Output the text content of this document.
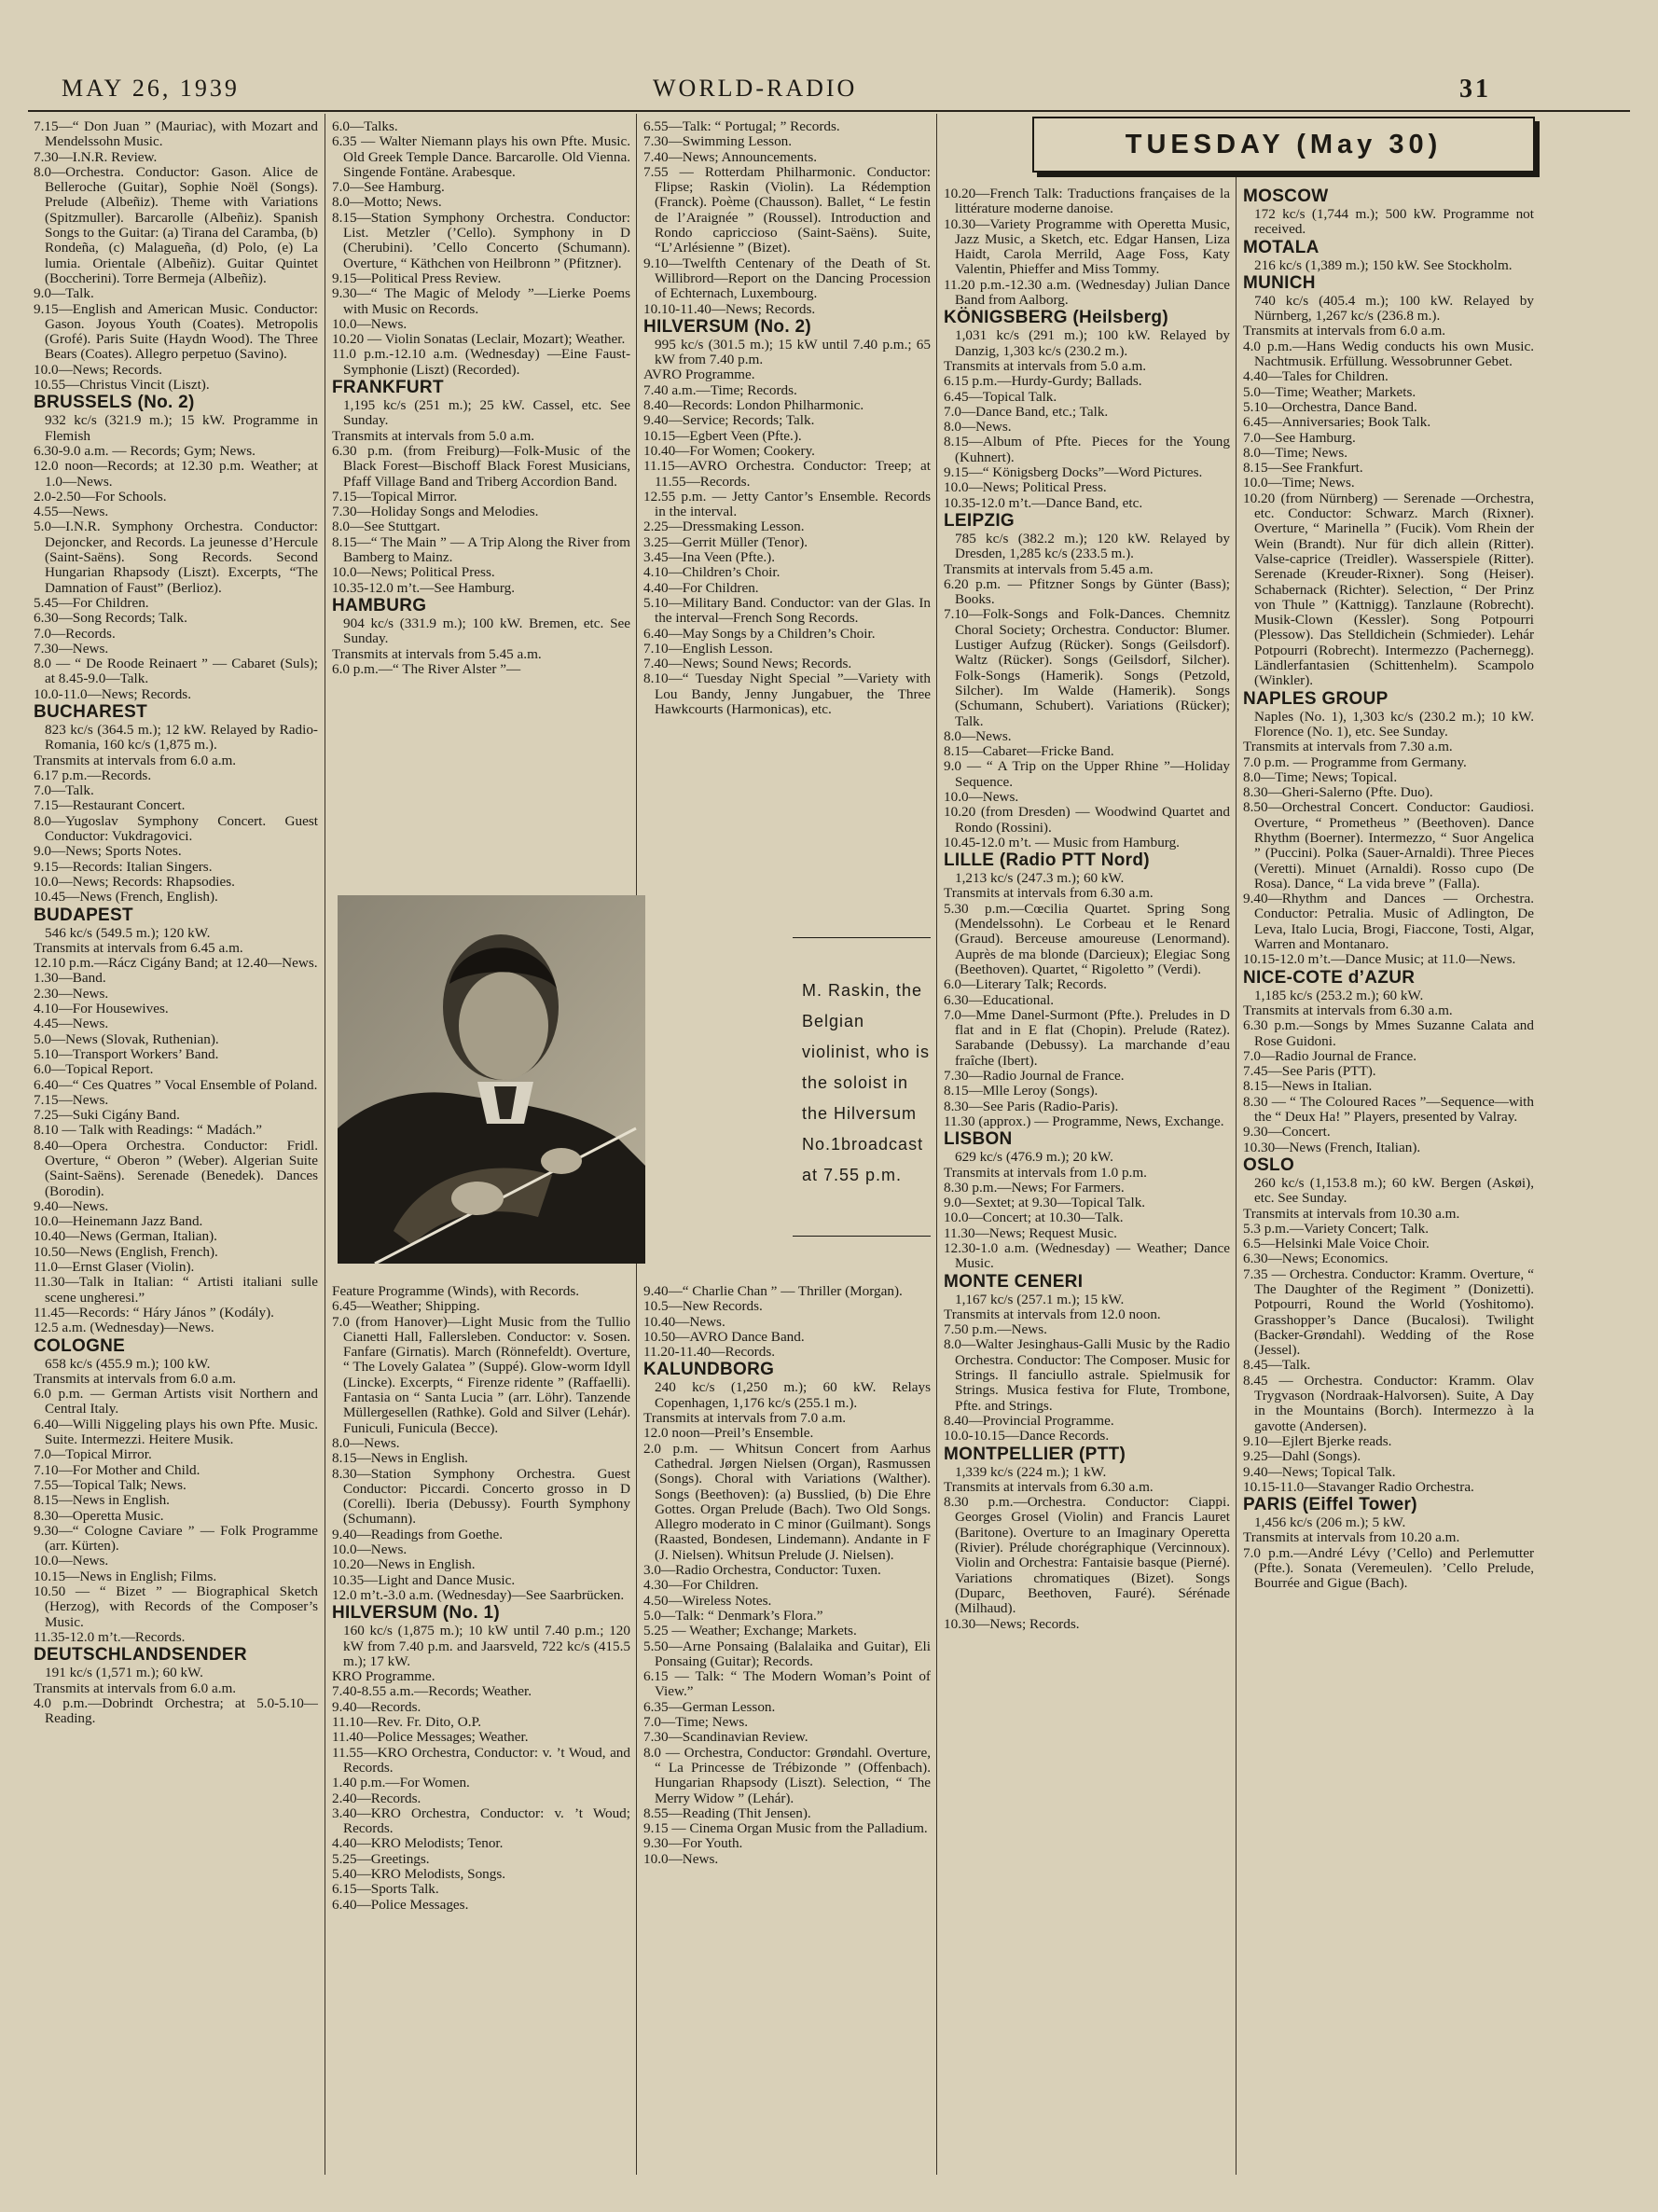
MAY 26, 1939	WORLD-RADIO	31
TUESDAY (May 30)

7.15—“ Don Juan ” (Mauriac), with Mozart and Mendelssohn Music.

7.30—I.N.R. Review.

8.0—Orchestra. Conductor: Gason. Alice de Belleroche (Guitar), Sophie Noël (Songs). Prelude (Albeñiz). Theme with Variations (Spitzmuller). Barcarolle (Albeñiz). Spanish Songs to the Guitar: (a) Tirana del Caramba, (b) Rondeña, (c) Malagueña, (d) Polo, (e) La lumia. Orientale (Albeñiz). Guitar Quintet (Boccherini). Torre Bermeja (Albeñiz).

9.0—Talk.

9.15—English and American Music. Conductor: Gason. Joyous Youth (Coates). Metropolis (Grofé). Paris Suite (Haydn Wood). The Three Bears (Coates). Allegro perpetuo (Savino).

10.0—News; Records.

10.55—Christus Vincit (Liszt).

BRUSSELS (No. 2)

932 kc/s (321.9 m.); 15 kW. Programme in Flemish

6.30-9.0 a.m. — Records; Gym; News.

12.0 noon—Records; at 12.30 p.m. Weather; at 1.0—News.

2.0-2.50—For Schools.

4.55—News.

5.0—I.N.R. Symphony Orchestra. Conductor: Dejoncker, and Records. La jeunesse d’Hercule (Saint-Saëns). Song Records. Second Hungarian Rhapsody (Liszt). Excerpts, “The Damnation of Faust” (Berlioz).

5.45—For Children.

6.30—Song Records; Talk.

7.0—Records.

7.30—News.

8.0 — “ De Roode Reinaert ” — Cabaret (Suls); at 8.45-9.0—Talk.

10.0-11.0—News; Records.

BUCHAREST

823 kc/s (364.5 m.); 12 kW. Relayed by Radio-Romania, 160 kc/s (1,875 m.).

Transmits at intervals from 6.0 a.m.

6.17 p.m.—Records.

7.0—Talk.

7.15—Restaurant Concert.

8.0—Yugoslav Symphony Concert. Guest Conductor: Vukdragovici.

9.0—News; Sports Notes.

9.15—Records: Italian Singers.

10.0—News; Records: Rhapsodies.

10.45—News (French, English).

BUDAPEST

546 kc/s (549.5 m.); 120 kW.

Transmits at intervals from 6.45 a.m.

12.10 p.m.—Rácz Cigány Band; at 12.40—News.

1.30—Band.

2.30—News.

4.10—For Housewives.

4.45—News.

5.0—News (Slovak, Ruthenian).

5.10—Transport Workers’ Band.

6.0—Topical Report.

6.40—“ Ces Quatres ” Vocal Ensemble of Poland.

7.15—News.

7.25—Suki Cigány Band.

8.10 — Talk with Readings: “ Madách.”

8.40—Opera Orchestra. Conductor: Fridl. Overture, “ Oberon ” (Weber). Algerian Suite (Saint-Saëns). Serenade (Benedek). Dances (Borodin).

9.40—News.

10.0—Heinemann Jazz Band.

10.40—News (German, Italian).

10.50—News (English, French).

11.0—Ernst Glaser (Violin).

11.30—Talk in Italian: “ Artisti italiani sulle scene ungheresi.”

11.45—Records: “ Háry János ” (Kodály).

12.5 a.m. (Wednesday)—News.

COLOGNE

658 kc/s (455.9 m.); 100 kW.

Transmits at intervals from 6.0 a.m.

6.0 p.m. — German Artists visit Northern and Central Italy.

6.40—Willi Niggeling plays his own Pfte. Music. Suite. Intermezzi. Heitere Musik.

7.0—Topical Mirror.

7.10—For Mother and Child.

7.55—Topical Talk; News.

8.15—News in English.

8.30—Operetta Music.

9.30—“ Cologne Caviare ” — Folk Programme (arr. Kürten).

10.0—News.

10.15—News in English; Films.

10.50 — “ Bizet ” — Biographical Sketch (Herzog), with Records of the Composer’s Music.

11.35-12.0 m’t.—Records.

DEUTSCHLANDSENDER

191 kc/s (1,571 m.); 60 kW.

Transmits at intervals from 6.0 a.m.

4.0 p.m.—Dobrindt Orchestra; at 5.0-5.10—Reading.

6.0—Talks.

6.35 — Walter Niemann plays his own Pfte. Music. Old Greek Temple Dance. Barcarolle. Old Vienna. Singende Fontäne. Arabesque.

7.0—See Hamburg.

8.0—Motto; News.

8.15—Station Symphony Orchestra. Conductor: List. Metzler (’Cello). Symphony in D (Cherubini). ’Cello Concerto (Schumann). Overture, “ Käthchen von Heilbronn ” (Pfitzner).

9.15—Political Press Review.

9.30—“ The Magic of Melody ”—Lierke Poems with Music on Records.

10.0—News.

10.20 — Violin Sonatas (Leclair, Mozart); Weather.

11.0 p.m.-12.10 a.m. (Wednesday) —Eine Faust-Symphonie (Liszt) (Recorded).

FRANKFURT

1,195 kc/s (251 m.); 25 kW. Cassel, etc. See Sunday.

Transmits at intervals from 5.0 a.m.

6.30 p.m. (from Freiburg)—Folk-Music of the Black Forest—Bischoff Black Forest Musicians, Pfaff Village Band and Triberg Accordion Band.

7.15—Topical Mirror.

7.30—Holiday Songs and Melodies.

8.0—See Stuttgart.

8.15—“ The Main ” — A Trip Along the River from Bamberg to Mainz.

10.0—News; Political Press.

10.35-12.0 m’t.—See Hamburg.

HAMBURG

904 kc/s (331.9 m.); 100 kW. Bremen, etc. See Sunday.

Transmits at intervals from 5.45 a.m.

6.0 p.m.—“ The River Alster ”—

Feature Programme (Winds), with Records.

6.45—Weather; Shipping.

7.0 (from Hanover)—Light Music from the Tullio Cianetti Hall, Fallersleben. Conductor: v. Sosen. Fanfare (Girnatis). March (Rönnefeldt). Overture, “ The Lovely Galatea ” (Suppé). Glow-worm Idyll (Lincke). Excerpts, “ Firenze ridente ” (Raffaelli). Fantasia on “ Santa Lucia ” (arr. Löhr). Tanzende Müllergesellen (Rathke). Gold and Silver (Lehár). Funiculi, Funicula (Becce).

8.0—News.

8.15—News in English.

8.30—Station Symphony Orchestra. Guest Conductor: Piccardi. Concerto grosso in D (Corelli). Iberia (Debussy). Fourth Symphony (Schumann).

9.40—Readings from Goethe.

10.0—News.

10.20—News in English.

10.35—Light and Dance Music.

12.0 m’t.-3.0 a.m. (Wednesday)—See Saarbrücken.

HILVERSUM (No. 1)

160 kc/s (1,875 m.); 10 kW until 7.40 p.m.; 120 kW from 7.40 p.m. and Jaarsveld, 722 kc/s (415.5 m.); 17 kW.

KRO Programme.

7.40-8.55 a.m.—Records; Weather.

9.40—Records.

11.10—Rev. Fr. Dito, O.P.

11.40—Police Messages; Weather.

11.55—KRO Orchestra, Conductor: v. ’t Woud, and Records.

1.40 p.m.—For Women.

2.40—Records.

3.40—KRO Orchestra, Conductor: v. ’t Woud; Records.

4.40—KRO Melodists; Tenor.

5.25—Greetings.

5.40—KRO Melodists, Songs.

6.15—Sports Talk.

6.40—Police Messages.

6.55—Talk: “ Portugal; ” Records.

7.30—Swimming Lesson.

7.40—News; Announcements.

7.55 — Rotterdam Philharmonic. Conductor: Flipse; Raskin (Violin). La Rédemption (Franck). Poème (Chausson). Ballet, “ Le festin de l’Araignée ” (Roussel). Introduction and Rondo capriccioso (Saint-Saëns). Suite, “L’Arlésienne ” (Bizet).

9.10—Twelfth Centenary of the Death of St. Willibrord—Report on the Dancing Procession of Echternach, Luxembourg.

10.10-11.40—News; Records.

HILVERSUM (No. 2)

995 kc/s (301.5 m.); 15 kW until 7.40 p.m.; 65 kW from 7.40 p.m.

AVRO Programme.

7.40 a.m.—Time; Records.

8.40—Records: London Philharmonic.

9.40—Service; Records; Talk.

10.15—Egbert Veen (Pfte.).

10.40—For Women; Cookery.

11.15—AVRO Orchestra. Conductor: Treep; at 11.55—Records.

12.55 p.m. — Jetty Cantor’s Ensemble. Records in the interval.

2.25—Dressmaking Lesson.

3.25—Gerrit Müller (Tenor).

3.45—Ina Veen (Pfte.).

4.10—Children’s Choir.

4.40—For Children.

5.10—Military Band. Conductor: van der Glas. In the interval—French Song Records.

6.40—May Songs by a Children’s Choir.

7.10—English Lesson.

7.40—News; Sound News; Records.

8.10—“ Tuesday Night Special ”—Variety with Lou Bandy, Jenny Jungabuer, the Three Hawkcourts (Harmonicas), etc.

9.40—“ Charlie Chan ” — Thriller (Morgan).

10.5—New Records.

10.40—News.

10.50—AVRO Dance Band.

11.20-11.40—Records.

KALUNDBORG

240 kc/s (1,250 m.); 60 kW. Relays Copenhagen, 1,176 kc/s (255.1 m.).

Transmits at intervals from 7.0 a.m.

12.0 noon—Preil’s Ensemble.

2.0 p.m. — Whitsun Concert from Aarhus Cathedral. Jørgen Nielsen (Organ), Rasmussen (Songs). Choral with Variations (Walther). Songs (Beethoven): (a) Busslied, (b) Die Ehre Gottes. Organ Prelude (Bach). Two Old Songs. Allegro moderato in C minor (Guilmant). Songs (Raasted, Bondesen, Lindemann). Andante in F (J. Nielsen). Whitsun Prelude (J. Nielsen).

3.0—Radio Orchestra, Conductor: Tuxen.

4.30—For Children.

4.50—Wireless Notes.

5.0—Talk: “ Denmark’s Flora.”

5.25 — Weather; Exchange; Markets.

5.50—Arne Ponsaing (Balalaika and Guitar), Eli Ponsaing (Guitar); Records.

6.15 — Talk: “ The Modern Woman’s Point of View.”

6.35—German Lesson.

7.0—Time; News.

7.30—Scandinavian Review.

8.0 — Orchestra, Conductor: Grøndahl. Overture, “ La Princesse de Trébizonde ” (Offenbach). Hungarian Rhapsody (Liszt). Selection, “ The Merry Widow ” (Lehár).

8.55—Reading (Thit Jensen).

9.15 — Cinema Organ Music from the Palladium.

9.30—For Youth.

10.0—News.

10.20—French Talk: Traductions françaises de la littérature moderne danoise.

10.30—Variety Programme with Operetta Music, Jazz Music, a Sketch, etc. Edgar Hansen, Liza Haidt, Carola Merrild, Aage Foss, Katy Valentin, Phieffer and Miss Tommy.

11.20 p.m.-12.30 a.m. (Wednesday) Julian Dance Band from Aalborg.

KÖNIGSBERG (Heilsberg)

1,031 kc/s (291 m.); 100 kW. Relayed by Danzig, 1,303 kc/s (230.2 m.).

Transmits at intervals from 5.0 a.m.

6.15 p.m.—Hurdy-Gurdy; Ballads.

6.45—Topical Talk.

7.0—Dance Band, etc.; Talk.

8.0—News.

8.15—Album of Pfte. Pieces for the Young (Kuhnert).

9.15—“ Königsberg Docks”—Word Pictures.

10.0—News; Political Press.

10.35-12.0 m’t.—Dance Band, etc.

LEIPZIG

785 kc/s (382.2 m.); 120 kW. Relayed by Dresden, 1,285 kc/s (233.5 m.).

Transmits at intervals from 5.45 a.m.

6.20 p.m. — Pfitzner Songs by Günter (Bass); Books.

7.10—Folk-Songs and Folk-Dances. Chemnitz Choral Society; Orchestra. Conductor: Blumer. Lustiger Aufzug (Rücker). Songs (Geilsdorf). Waltz (Rücker). Songs (Geilsdorf, Silcher). Folk-Songs (Hamerik). Songs (Petzold, Silcher). Im Walde (Hamerik). Songs (Schumann, Schubert). Variations (Rücker); Talk.

8.0—News.

8.15—Cabaret—Fricke Band.

9.0 — “ A Trip on the Upper Rhine ”—Holiday Sequence.

10.0—News.

10.20 (from Dresden) — Woodwind Quartet and Rondo (Rossini).

10.45-12.0 m’t. — Music from Hamburg.

LILLE (Radio PTT Nord)

1,213 kc/s (247.3 m.); 60 kW.

Transmits at intervals from 6.30 a.m.

5.30 p.m.—Cœcilia Quartet. Spring Song (Mendelssohn). Le Corbeau et le Renard (Graud). Berceuse amoureuse (Lenormand). Auprès de ma blonde (Darcieux); Elegiac Song (Beethoven). Quartet, “ Rigoletto ” (Verdi).

6.0—Literary Talk; Records.

6.30—Educational.

7.0—Mme Danel-Surmont (Pfte.). Preludes in D flat and in E flat (Chopin). Prelude (Ratez). Sarabande (Debussy). La marchande d’eau fraîche (Ibert).

7.30—Radio Journal de France.

8.15—Mlle Leroy (Songs).

8.30—See Paris (Radio-Paris).

11.30 (approx.) — Programme, News, Exchange.

LISBON

629 kc/s (476.9 m.); 20 kW.

Transmits at intervals from 1.0 p.m.

8.30 p.m.—News; For Farmers.

9.0—Sextet; at 9.30—Topical Talk.

10.0—Concert; at 10.30—Talk.

11.30—News; Request Music.

12.30-1.0 a.m. (Wednesday) — Weather; Dance Music.

MONTE CENERI

1,167 kc/s (257.1 m.); 15 kW.

Transmits at intervals from 12.0 noon.

7.50 p.m.—News.

8.0—Walter Jesinghaus-Galli Music by the Radio Orchestra. Conductor: The Composer. Music for Strings. Il fanciullo astrale. Spielmusik for Strings. Musica festiva for Flute, Trombone, Pfte. and Strings.

8.40—Provincial Programme.

10.0-10.15—Dance Records.

MONTPELLIER (PTT)

1,339 kc/s (224 m.); 1 kW.

Transmits at intervals from 6.30 a.m.

8.30 p.m.—Orchestra. Conductor: Ciappi. Georges Grosel (Violin) and Francis Lauret (Baritone). Overture to an Imaginary Operetta (Rivier). Prélude chorégraphique (Vercinnoux). Violin and Orchestra: Fantaisie basque (Pierné). Variations chromatiques (Bizet). Songs (Duparc, Beethoven, Fauré). Sérénade (Milhaud).

10.30—News; Records.

MOSCOW

172 kc/s (1,744 m.); 500 kW. Programme not received.

MOTALA

216 kc/s (1,389 m.); 150 kW. See Stockholm.

MUNICH

740 kc/s (405.4 m.); 100 kW. Relayed by Nürnberg, 1,267 kc/s (236.8 m.).

Transmits at intervals from 6.0 a.m.

4.0 p.m.—Hans Wedig conducts his own Music. Nachtmusik. Erfüllung. Wessobrunner Gebet.

4.40—Tales for Children.

5.0—Time; Weather; Markets.

5.10—Orchestra, Dance Band.

6.45—Anniversaries; Book Talk.

7.0—See Hamburg.

8.0—Time; News.

8.15—See Frankfurt.

10.0—Time; News.

10.20 (from Nürnberg) — Serenade —Orchestra, etc. Conductor: Schwarz. March (Rixner). Overture, “ Marinella ” (Fucik). Vom Rhein der Wein (Brandt). Nur für dich allein (Ritter). Valse-caprice (Treidler). Wasserspiele (Ritter). Serenade (Kreuder-Rixner). Song (Heiser). Schabernack (Richter). Selection, “ Der Prinz von Thule ” (Kattnigg). Tanzlaune (Robrecht). Musik-Clown (Kessler). Song Potpourri (Plessow). Das Stelldichein (Schmieder). Lehár Potpourri (Robrecht). Intermezzo (Pachernegg). Ländlerfantasien (Schittenhelm). Scampolo (Winkler).

NAPLES GROUP

Naples (No. 1), 1,303 kc/s (230.2 m.); 10 kW. Florence (No. 1), etc. See Sunday.

Transmits at intervals from 7.30 a.m.

7.0 p.m. — Programme from Germany.

8.0—Time; News; Topical.

8.30—Gheri-Salerno (Pfte. Duo).

8.50—Orchestral Concert. Conductor: Gaudiosi. Overture, “ Prometheus ” (Beethoven). Dance Rhythm (Boerner). Intermezzo, “ Suor Angelica ” (Puccini). Polka (Sauer-Arnaldi). Three Pieces (Veretti). Minuet (Arnaldi). Rosso cupo (De Rosa). Dance, “ La vida breve ” (Falla).

9.40—Rhythm and Dances — Orchestra. Conductor: Petralia. Music of Adlington, De Leva, Italo Lucia, Brogi, Fiaccone, Tosti, Algar, Warren and Montanaro.

10.15-12.0 m’t.—Dance Music; at 11.0—News.

NICE-COTE d’AZUR

1,185 kc/s (253.2 m.); 60 kW.

Transmits at intervals from 6.30 a.m.

6.30 p.m.—Songs by Mmes Suzanne Calata and Rose Guidoni.

7.0—Radio Journal de France.

7.45—See Paris (PTT).

8.15—News in Italian.

8.30 — “ The Coloured Races ”—Sequence—with the “ Deux Ha! ” Players, presented by Valray.

9.30—Concert.

10.30—News (French, Italian).

OSLO

260 kc/s (1,153.8 m.); 60 kW. Bergen (Askøi), etc. See Sunday.

Transmits at intervals from 10.30 a.m.

5.3 p.m.—Variety Concert; Talk.

6.5—Helsinki Male Voice Choir.

6.30—News; Economics.

7.35 — Orchestra. Conductor: Kramm. Overture, “ The Daughter of the Regiment ” (Donizetti). Potpourri, Round the World (Yoshitomo). Grasshopper’s Dance (Bucalosi). Twilight (Backer-Grøndahl). Wedding of the Rose (Jessel).

8.45—Talk.

8.45 — Orchestra. Conductor: Kramm. Olav Trygvason (Nordraak-Halvorsen). Suite, A Day in the Mountains (Borch). Intermezzo à la gavotte (Andersen).

9.10—Ejlert Bjerke reads.

9.25—Dahl (Songs).

9.40—News; Topical Talk.

10.15-11.0—Stavanger Radio Orchestra.

PARIS (Eiffel Tower)

1,456 kc/s (206 m.); 5 kW.

Transmits at intervals from 10.20 a.m.

7.0 p.m.—André Lévy (’Cello) and Perlemutter (Pfte.). Sonata (Veremeulen). ’Cello Prelude, Bourrée and Gigue (Bach).

M. Raskin, the Belgian violinist, who is the soloist in the Hilversum No.1broadcast at 7.55 p.m.
